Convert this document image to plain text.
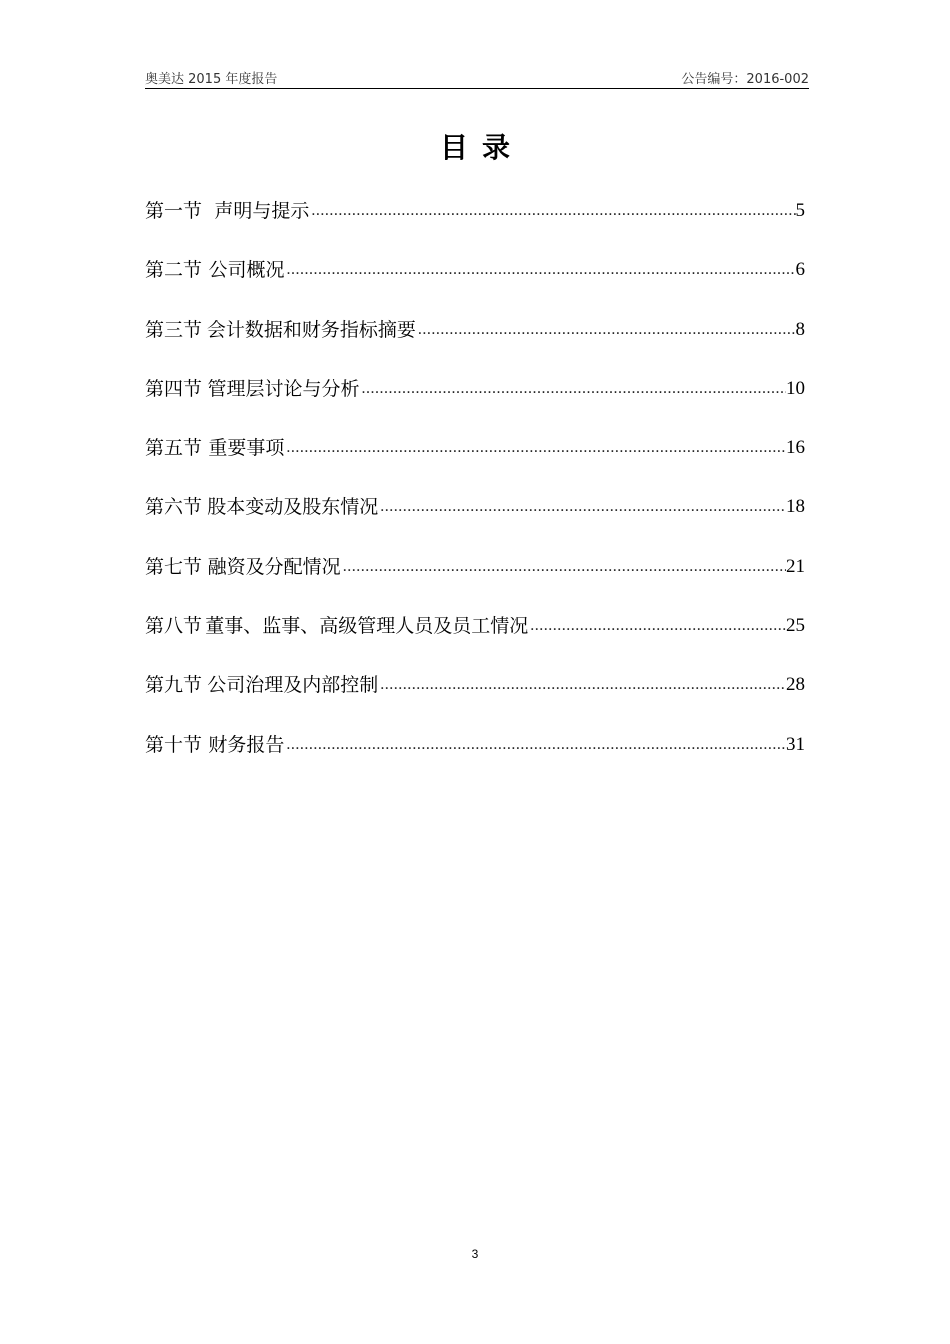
奥美达 2015 年度报告	公告编号：2016-002
目录
第一节 声明与提示 .....	5
第二节 公司概况 .....	6
第三节 会计数据和财务指标摘要 .....	8
第四节 管理层讨论与分析 .....	10
第五节 重要事项 .....	16
第六节 股本变动及股东情况 .....	18
第七节 融资及分配情况 .....	21
第八节 董事、监事、高级管理人员及员工情况 .....	25
第九节 公司治理及内部控制 .....	28
第十节 财务报告 .....	31
3
